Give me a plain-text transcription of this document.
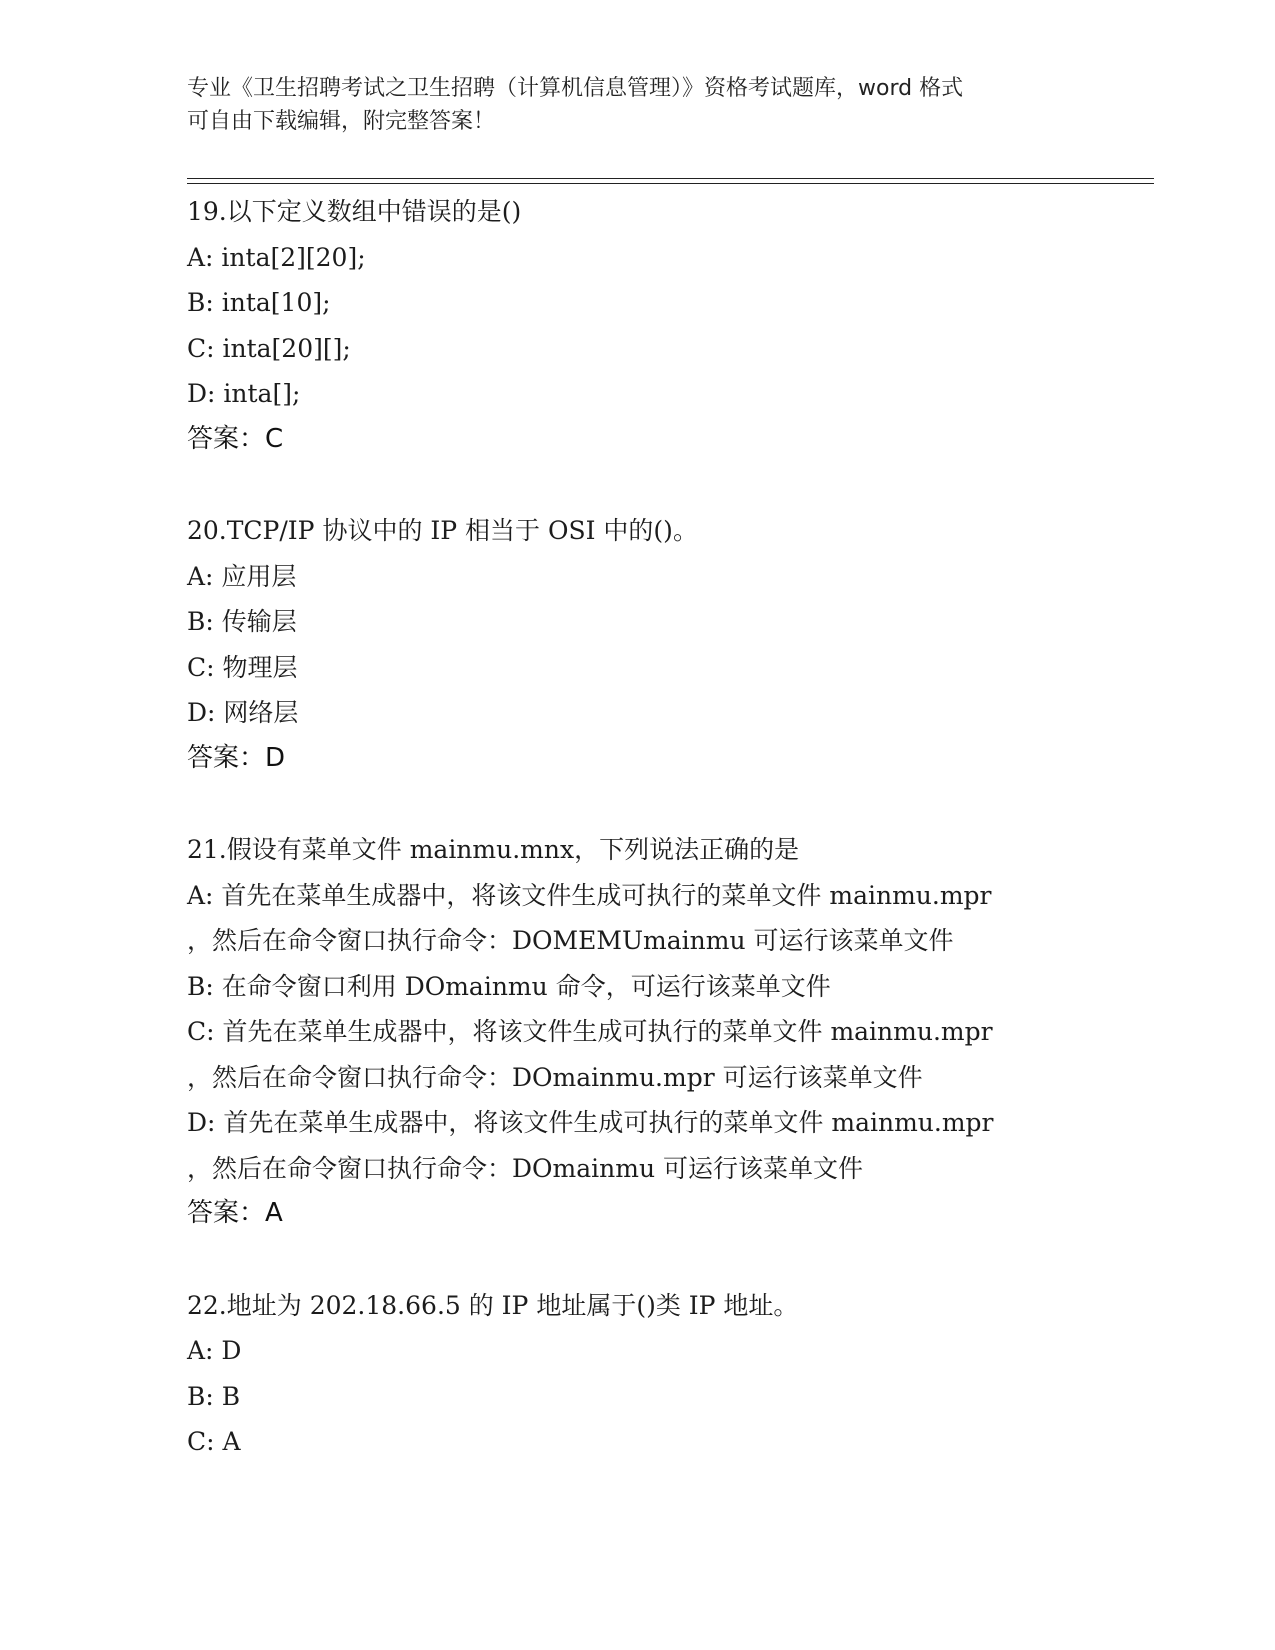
专业《卫生招聘考试之卫生招聘（计算机信息管理）》资格考试题库，word 格式
可自由下载编辑，附完整答案！
19.以下定义数组中错误的是()
A: inta[2][20];
B: inta[10];
C: inta[20][];
D: inta[];
答案：C
20.TCP/IP 协议中的 IP 相当于 OSI 中的()。
A: 应用层
B: 传输层
C: 物理层
D: 网络层
答案：D
21.假设有菜单文件 mainmu.mnx，下列说法正确的是
A: 首先在菜单生成器中，将该文件生成可执行的菜单文件 mainmu.mpr
，然后在命令窗口执行命令：DOMEMUmainmu 可运行该菜单文件
B: 在命令窗口利用 DOmainmu 命令，可运行该菜单文件
C: 首先在菜单生成器中，将该文件生成可执行的菜单文件 mainmu.mpr
，然后在命令窗口执行命令：DOmainmu.mpr 可运行该菜单文件
D: 首先在菜单生成器中，将该文件生成可执行的菜单文件 mainmu.mpr
，然后在命令窗口执行命令：DOmainmu 可运行该菜单文件
答案：A
22.地址为 202.18.66.5 的 IP 地址属于()类 IP 地址。
A: D
B: B
C: A
